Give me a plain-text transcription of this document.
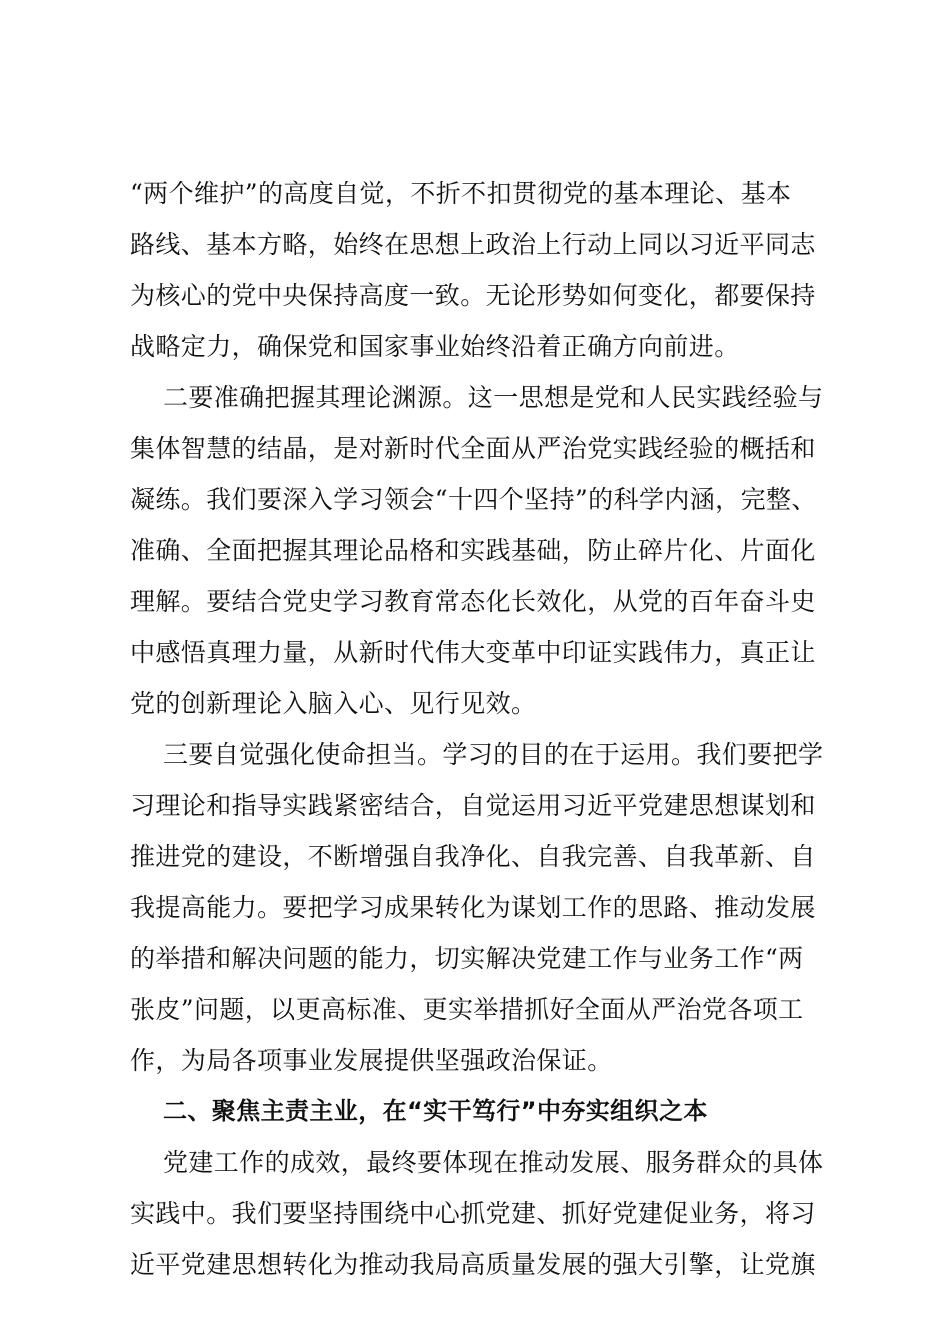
“两个维护”的高度自觉，不折不扣贯彻党的基本理论、基本
路线、基本方略，始终在思想上政治上行动上同以习近平同志
为核心的党中央保持高度一致。无论形势如何变化，都要保持
战略定力，确保党和国家事业始终沿着正确方向前进。
二要准确把握其理论渊源。这一思想是党和人民实践经验与
集体智慧的结晶，是对新时代全面从严治党实践经验的概括和
凝练。我们要深入学习领会“十四个坚持”的科学内涵，完整、
准确、全面把握其理论品格和实践基础，防止碎片化、片面化
理解。要结合党史学习教育常态化长效化，从党的百年奋斗史
中感悟真理力量，从新时代伟大变革中印证实践伟力，真正让
党的创新理论入脑入心、见行见效。
三要自觉强化使命担当。学习的目的在于运用。我们要把学
习理论和指导实践紧密结合，自觉运用习近平党建思想谋划和
推进党的建设，不断增强自我净化、自我完善、自我革新、自
我提高能力。要把学习成果转化为谋划工作的思路、推动发展
的举措和解决问题的能力，切实解决党建工作与业务工作“两
张皮”问题，以更高标准、更实举措抓好全面从严治党各项工
作，为局各项事业发展提供坚强政治保证。
二、聚焦主责主业，在“实干笃行”中夯实组织之本
党建工作的成效，最终要体现在推动发展、服务群众的具体
实践中。我们要坚持围绕中心抓党建、抓好党建促业务，将习
近平党建思想转化为推动我局高质量发展的强大引擎，让党旗
